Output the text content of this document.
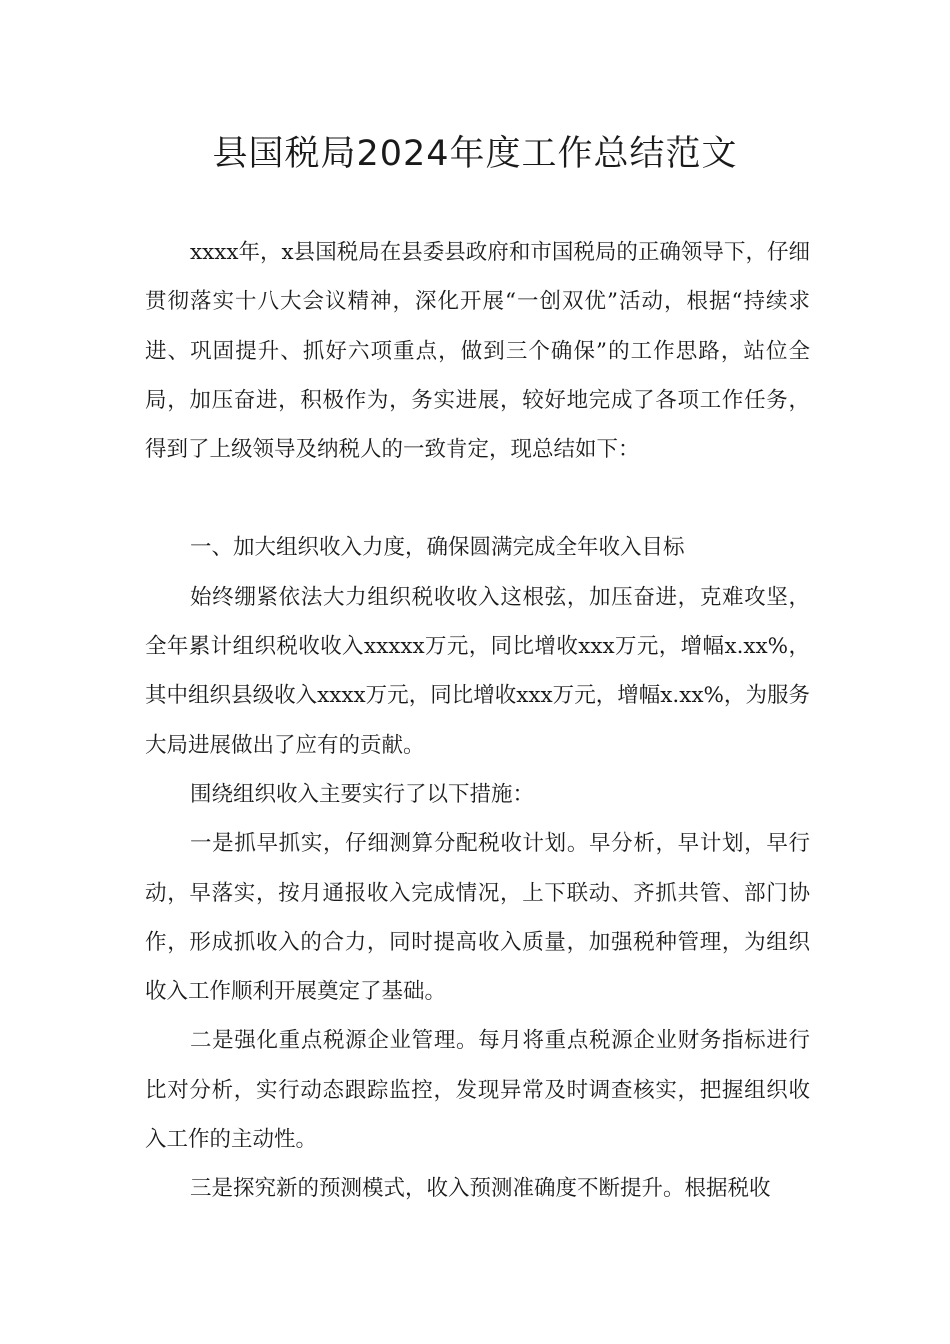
县国税局2024年度工作总结范文

xxxx年，x县国税局在县委县政府和市国税局的正确领导下，仔细贯彻落实十八大会议精神，深化开展“一创双优”活动，根据“持续求进、巩固提升、抓好六项重点，做到三个确保”的工作思路，站位全局，加压奋进，积极作为，务实进展，较好地完成了各项工作任务，得到了上级领导及纳税人的一致肯定，现总结如下：

一、加大组织收入力度，确保圆满完成全年收入目标

始终绷紧依法大力组织税收收入这根弦，加压奋进，克难攻坚，全年累计组织税收收入xxxxx万元，同比增收xxx万元，增幅x.xx%，其中组织县级收入xxxx万元，同比增收xxx万元，增幅x.xx%，为服务大局进展做出了应有的贡献。

围绕组织收入主要实行了以下措施：

一是抓早抓实，仔细测算分配税收计划。早分析，早计划，早行动，早落实，按月通报收入完成情况，上下联动、齐抓共管、部门协作，形成抓收入的合力，同时提高收入质量，加强税种管理，为组织收入工作顺利开展奠定了基础。

二是强化重点税源企业管理。每月将重点税源企业财务指标进行比对分析，实行动态跟踪监控，发现异常及时调查核实，把握组织收入工作的主动性。

三是探究新的预测模式，收入预测准确度不断提升。根据税收
